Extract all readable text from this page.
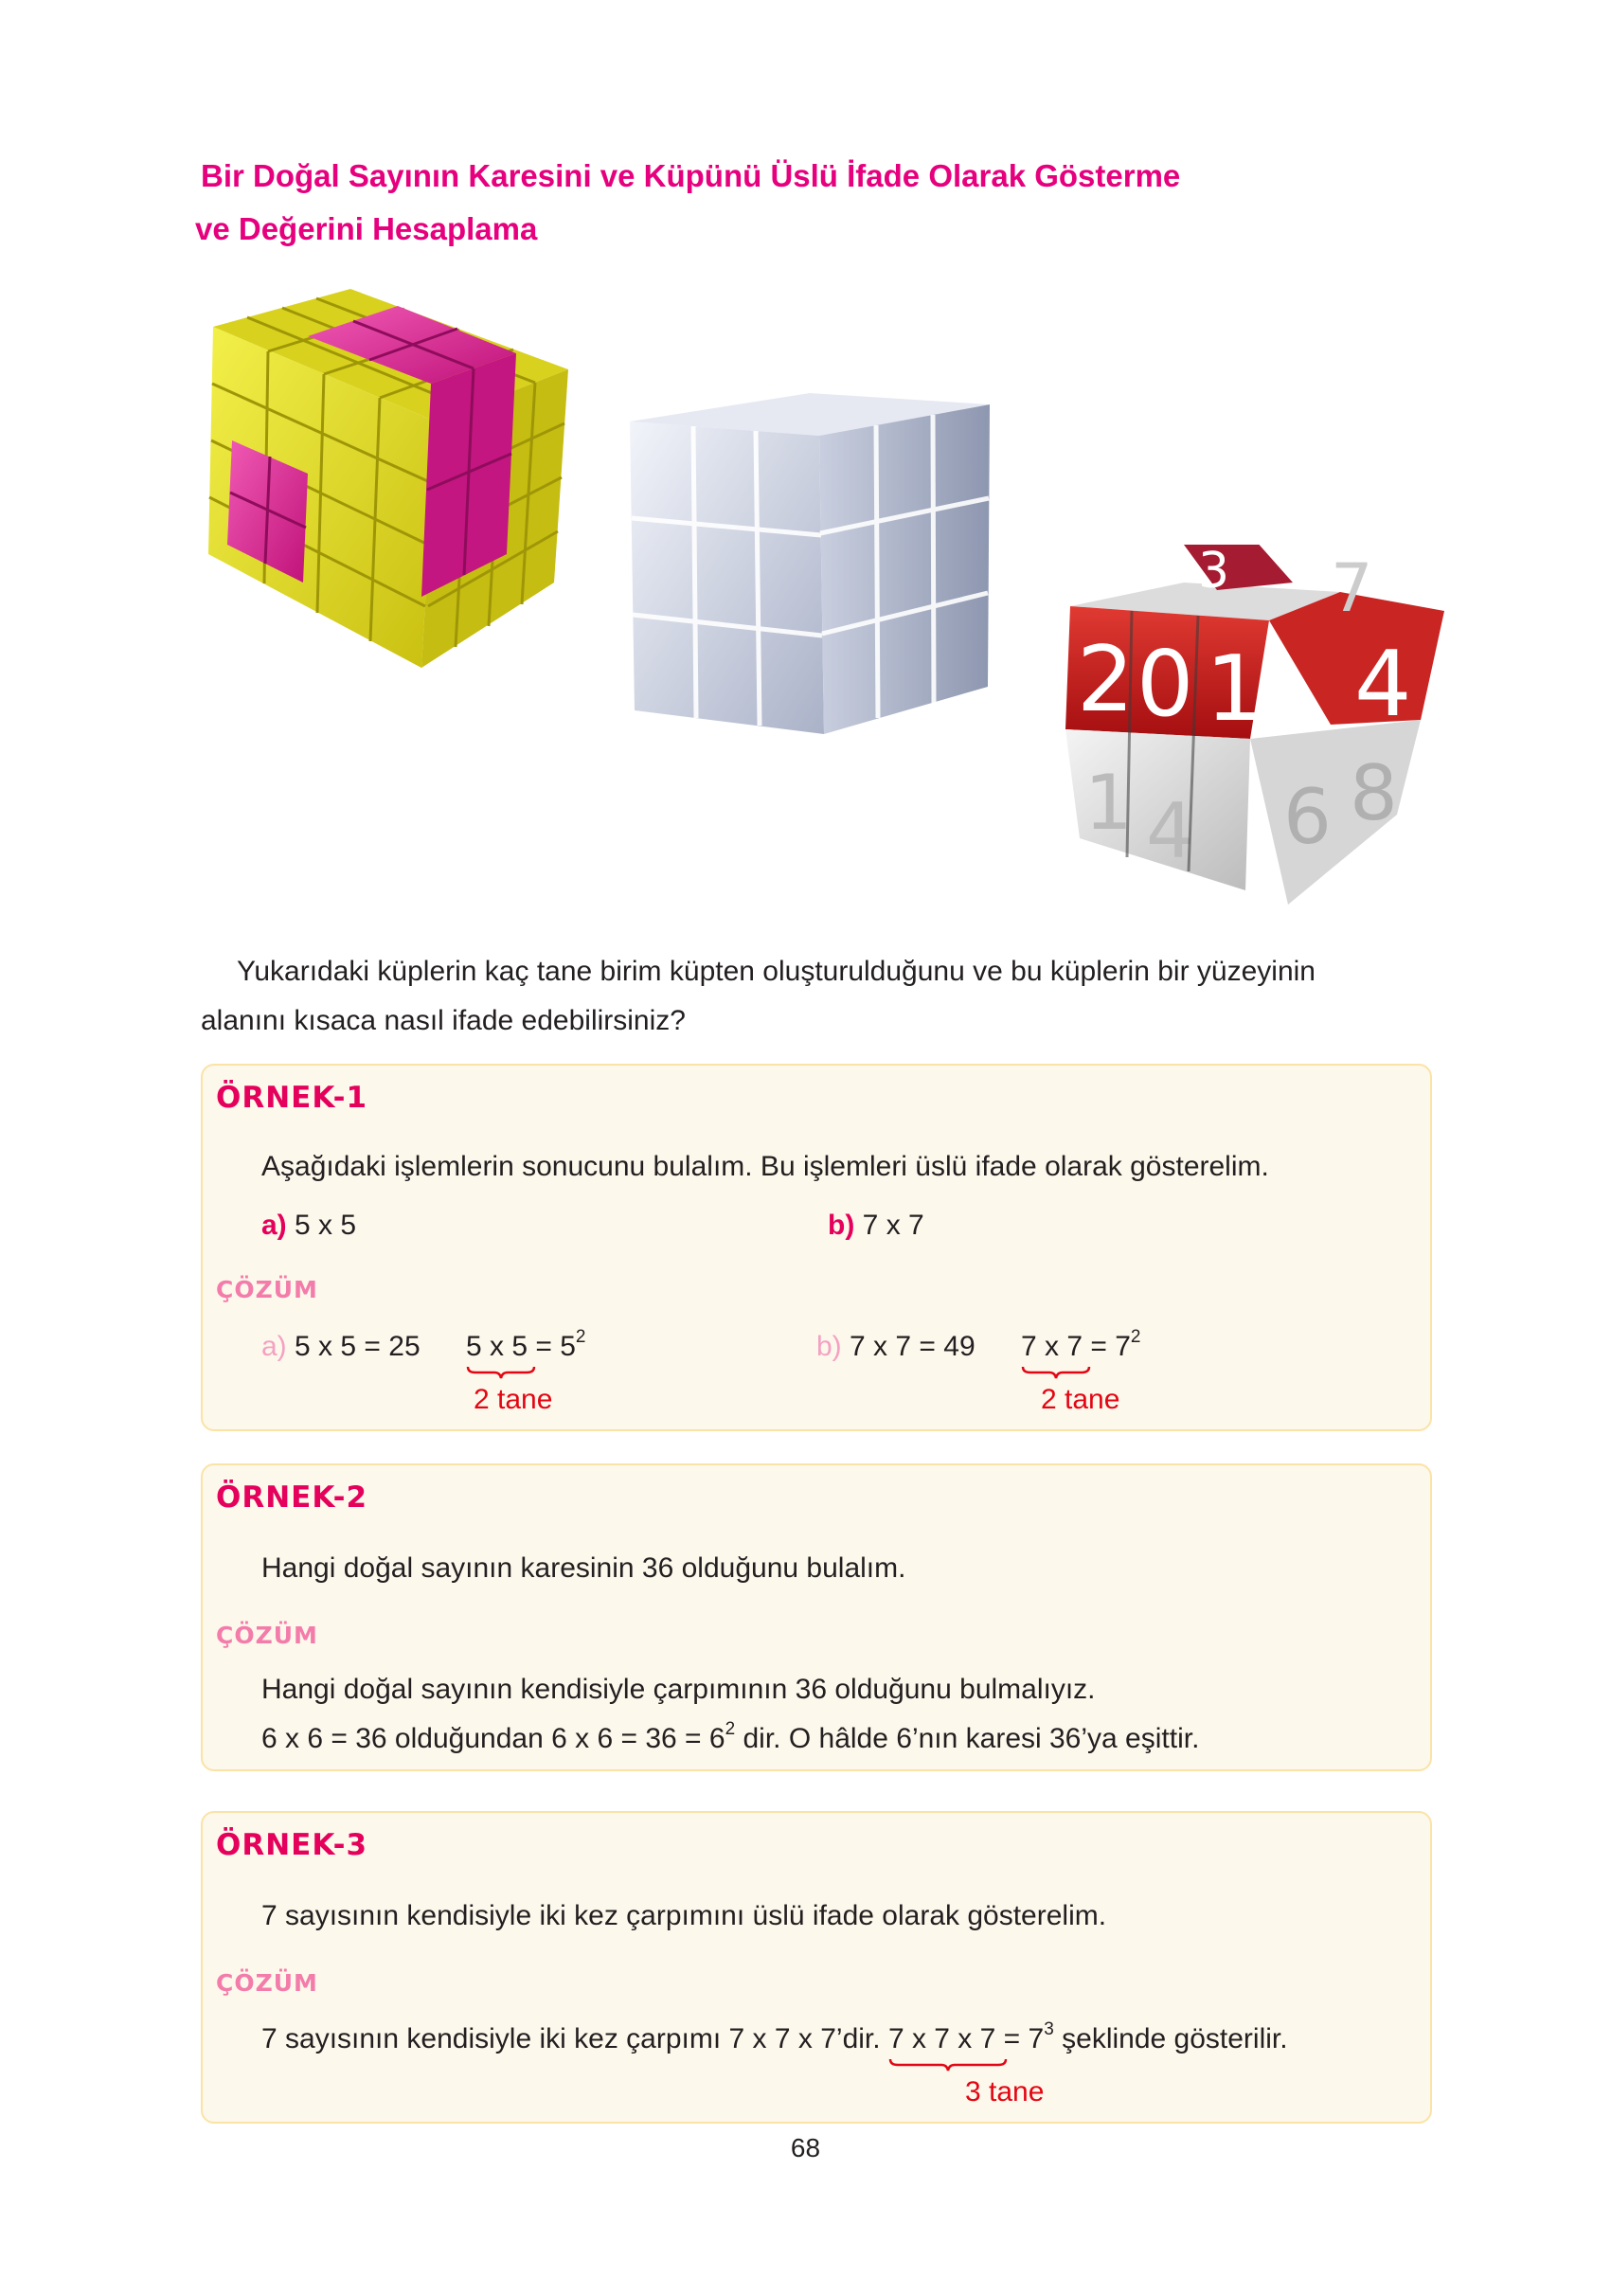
Bir Doğal Sayının Karesini ve Küpünü Üslü İfade Olarak Gösterme
ve Değerini Hesaplama
3 7
2 0 1 4
1 4 6 8
Yukarıdaki küplerin kaç tane birim küpten oluşturulduğunu ve bu küplerin bir yüzeyinin
alanını kısaca nasıl ifade edebilirsiniz?
ÖRNEK-1
Aşağıdaki işlemlerin sonucunu bulalım. Bu işlemleri üslü ifade olarak gösterelim.
a) 5 x 5	b) 7 x 7
ÇÖZÜM
a) 5 x 5 = 25 5 x 5
= $5^2$
2 tane
b) 7 x 7 = 49 7 x 7
= $7^2$
2 tane
ÖRNEK-2
Hangi doğal sayının karesinin 36 olduğunu bulalım.
ÇÖZÜM
Hangi doğal sayının kendisiyle çarpımının 36 olduğunu bulmalıyız.
6 x 6 = 36 olduğundan 6 x $6 = 36 = 6^2$ dir. O hâlde 6’nın karesi 36’ya eşittir.
ÖRNEK-3
7 sayısının kendisiyle iki kez çarpımını üslü ifade olarak gösterelim.
ÇÖZÜM
7 sayısının kendisiyle iki kez çarpımı 7 x 7 x 7’dir. 7 x 7 x 7
= $7^3$ şeklinde gösterilir.
3 tane
68
